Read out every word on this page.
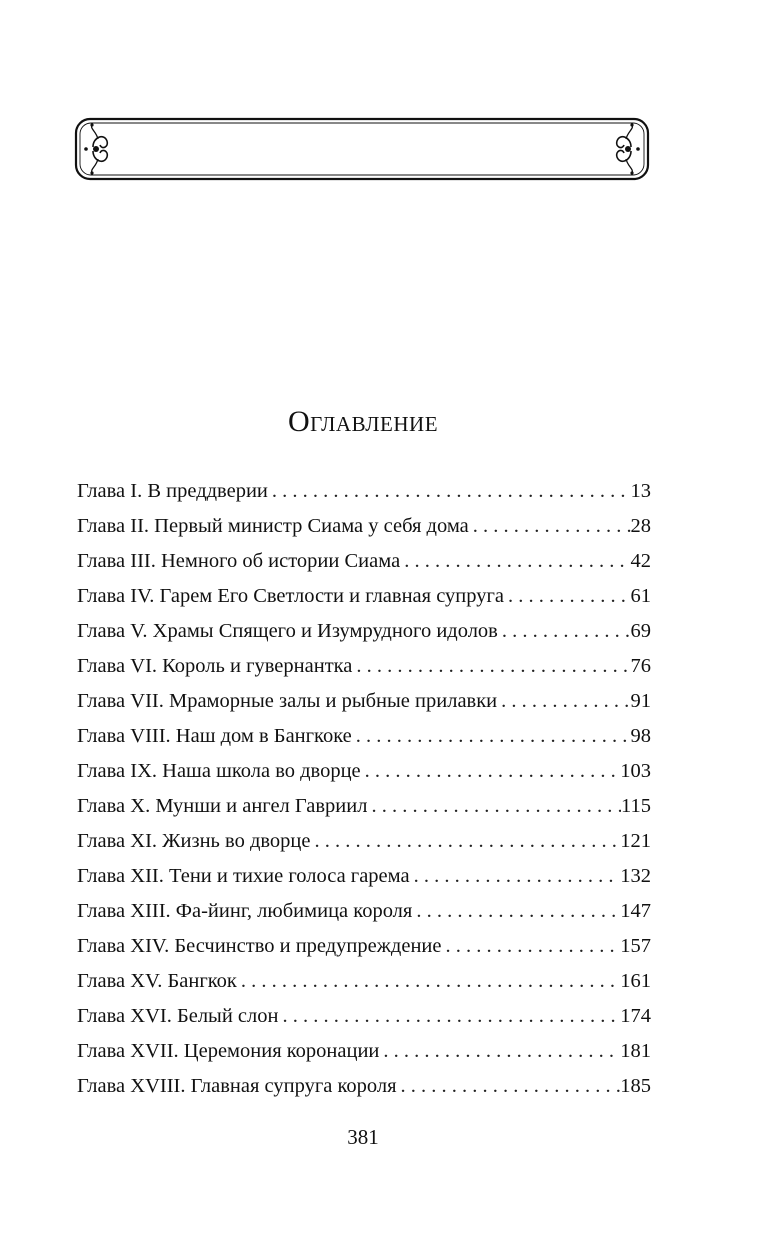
Оглавление
Глава I. В преддверии . . .	13
Глава II. Первый министр Сиама у себя дома . . .	28
Глава III. Немного об истории Сиама . . .	42
Глава IV. Гарем Его Светлости и главная супруга . . .	61
Глава V. Храмы Спящего и Изумрудного идолов . . .	69
Глава VI. Король и гувернантка . . .	76
Глава VII. Мраморные залы и рыбные прилавки . . .	91
Глава VIII. Наш дом в Бангкоке . . .	98
Глава IX. Наша школа во дворце . . .	103
Глава X. Мунши и ангел Гавриил . . .	115
Глава XI. Жизнь во дворце . . .	121
Глава XII. Тени и тихие голоса гарема . . .	132
Глава XIII. Фа-йинг, любимица короля . . .	147
Глава XIV. Бесчинство и предупреждение . . .	157
Глава XV. Бангкок . . .	161
Глава XVI. Белый слон . . .	174
Глава XVII. Церемония коронации . . .	181
Глава XVIII. Главная супруга короля . . .	185
381
